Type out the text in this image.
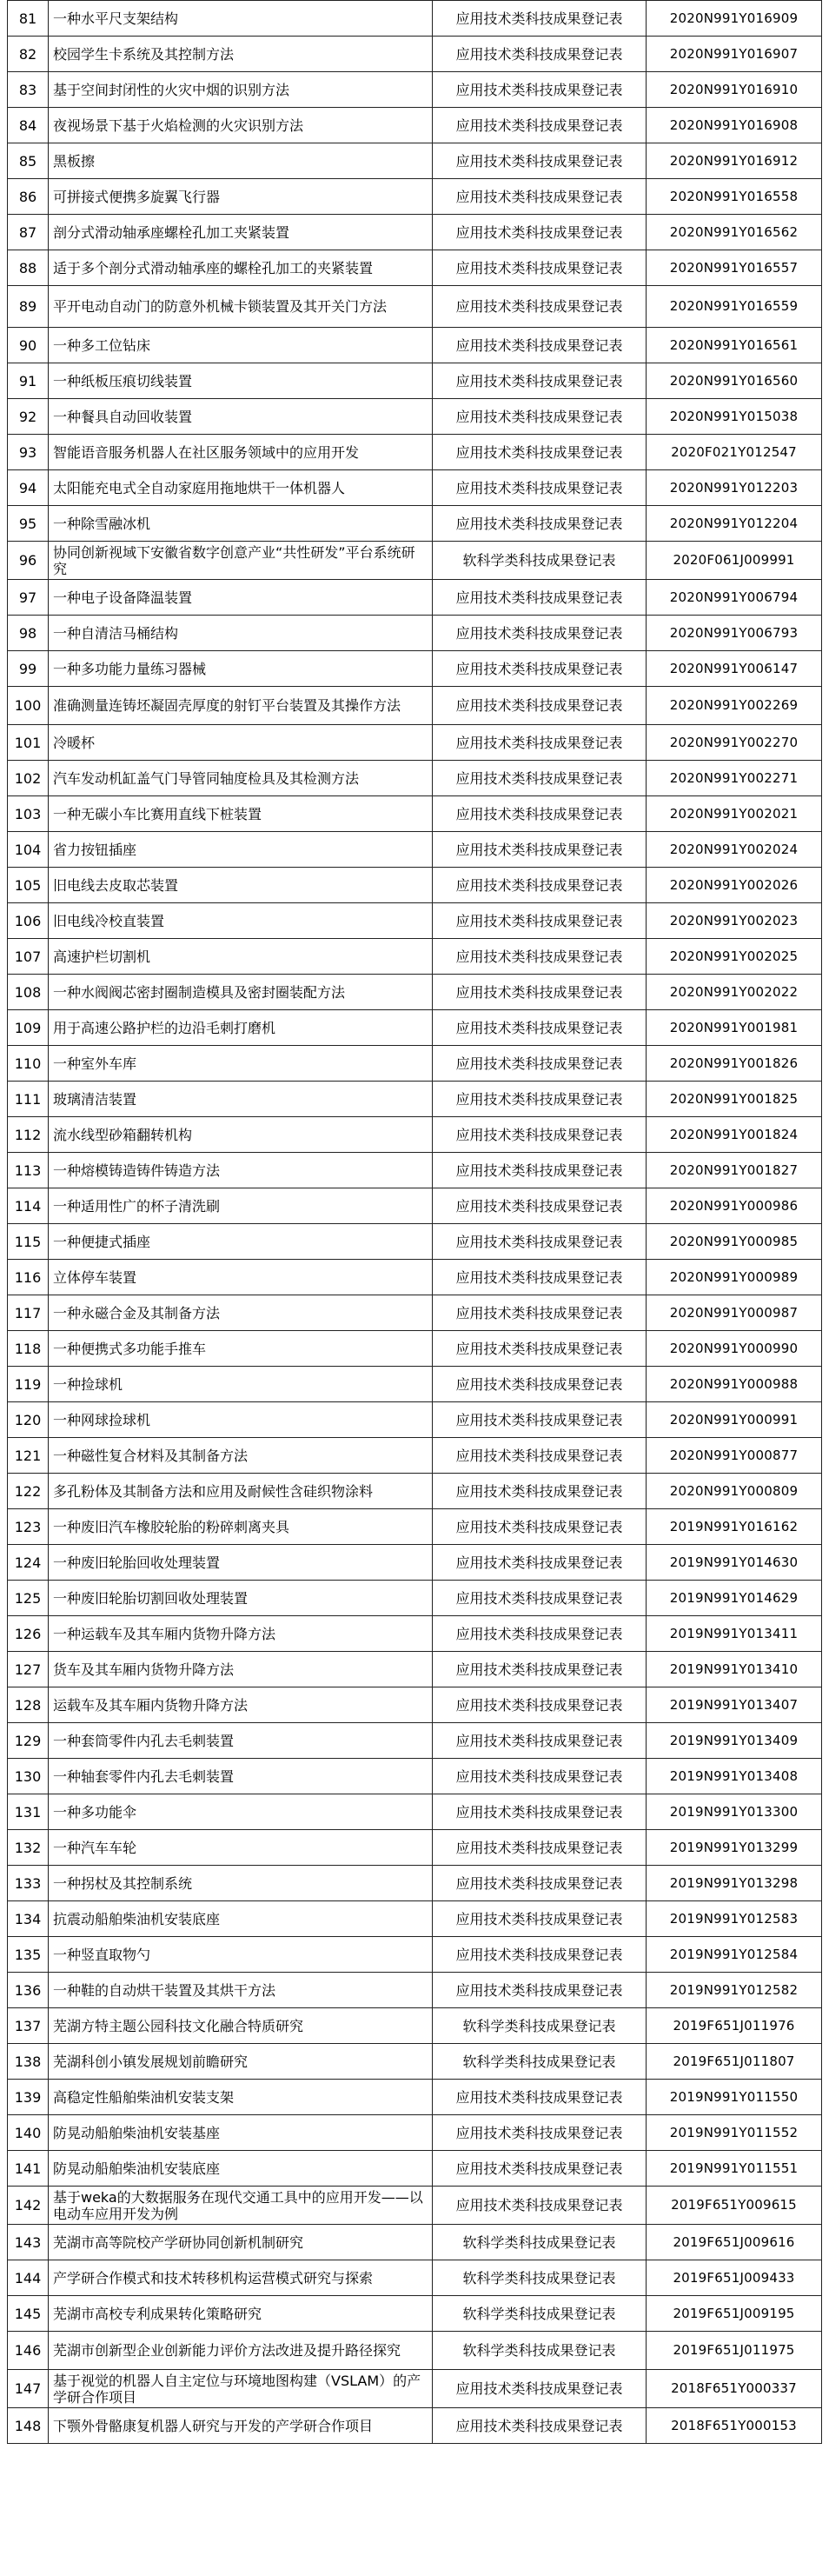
81	一种水平尺支架结构	应用技术类科技成果登记表	2020N991Y016909
82	校园学生卡系统及其控制方法	应用技术类科技成果登记表	2020N991Y016907
83	基于空间封闭性的火灾中烟的识别方法	应用技术类科技成果登记表	2020N991Y016910
84	夜视场景下基于火焰检测的火灾识别方法	应用技术类科技成果登记表	2020N991Y016908
85	黑板擦	应用技术类科技成果登记表	2020N991Y016912
86	可拼接式便携多旋翼飞行器	应用技术类科技成果登记表	2020N991Y016558
87	剖分式滑动轴承座螺栓孔加工夹紧装置	应用技术类科技成果登记表	2020N991Y016562
88	适于多个剖分式滑动轴承座的螺栓孔加工的夹紧装置	应用技术类科技成果登记表	2020N991Y016557
89	平开电动自动门的防意外机械卡锁装置及其开关门方法	应用技术类科技成果登记表	2020N991Y016559
90	一种多工位钻床	应用技术类科技成果登记表	2020N991Y016561
91	一种纸板压痕切线装置	应用技术类科技成果登记表	2020N991Y016560
92	一种餐具自动回收装置	应用技术类科技成果登记表	2020N991Y015038
93	智能语音服务机器人在社区服务领域中的应用开发	应用技术类科技成果登记表	2020F021Y012547
94	太阳能充电式全自动家庭用拖地烘干一体机器人	应用技术类科技成果登记表	2020N991Y012203
95	一种除雪融冰机	应用技术类科技成果登记表	2020N991Y012204
96	协同创新视域下安徽省数字创意产业“共性研发”平台系统研究	软科学类科技成果登记表	2020F061J009991
97	一种电子设备降温装置	应用技术类科技成果登记表	2020N991Y006794
98	一种自清洁马桶结构	应用技术类科技成果登记表	2020N991Y006793
99	一种多功能力量练习器械	应用技术类科技成果登记表	2020N991Y006147
100	准确测量连铸坯凝固壳厚度的射钉平台装置及其操作方法	应用技术类科技成果登记表	2020N991Y002269
101	冷暖杯	应用技术类科技成果登记表	2020N991Y002270
102	汽车发动机缸盖气门导管同轴度检具及其检测方法	应用技术类科技成果登记表	2020N991Y002271
103	一种无碳小车比赛用直线下桩装置	应用技术类科技成果登记表	2020N991Y002021
104	省力按钮插座	应用技术类科技成果登记表	2020N991Y002024
105	旧电线去皮取芯装置	应用技术类科技成果登记表	2020N991Y002026
106	旧电线冷校直装置	应用技术类科技成果登记表	2020N991Y002023
107	高速护栏切割机	应用技术类科技成果登记表	2020N991Y002025
108	一种水阀阀芯密封圈制造模具及密封圈装配方法	应用技术类科技成果登记表	2020N991Y002022
109	用于高速公路护栏的边沿毛刺打磨机	应用技术类科技成果登记表	2020N991Y001981
110	一种室外车库	应用技术类科技成果登记表	2020N991Y001826
111	玻璃清洁装置	应用技术类科技成果登记表	2020N991Y001825
112	流水线型砂箱翻转机构	应用技术类科技成果登记表	2020N991Y001824
113	一种熔模铸造铸件铸造方法	应用技术类科技成果登记表	2020N991Y001827
114	一种适用性广的杯子清洗刷	应用技术类科技成果登记表	2020N991Y000986
115	一种便捷式插座	应用技术类科技成果登记表	2020N991Y000985
116	立体停车装置	应用技术类科技成果登记表	2020N991Y000989
117	一种永磁合金及其制备方法	应用技术类科技成果登记表	2020N991Y000987
118	一种便携式多功能手推车	应用技术类科技成果登记表	2020N991Y000990
119	一种捡球机	应用技术类科技成果登记表	2020N991Y000988
120	一种网球捡球机	应用技术类科技成果登记表	2020N991Y000991
121	一种磁性复合材料及其制备方法	应用技术类科技成果登记表	2020N991Y000877
122	多孔粉体及其制备方法和应用及耐候性含硅织物涂料	应用技术类科技成果登记表	2020N991Y000809
123	一种废旧汽车橡胶轮胎的粉碎刺离夹具	应用技术类科技成果登记表	2019N991Y016162
124	一种废旧轮胎回收处理装置	应用技术类科技成果登记表	2019N991Y014630
125	一种废旧轮胎切割回收处理装置	应用技术类科技成果登记表	2019N991Y014629
126	一种运载车及其车厢内货物升降方法	应用技术类科技成果登记表	2019N991Y013411
127	货车及其车厢内货物升降方法	应用技术类科技成果登记表	2019N991Y013410
128	运载车及其车厢内货物升降方法	应用技术类科技成果登记表	2019N991Y013407
129	一种套筒零件内孔去毛刺装置	应用技术类科技成果登记表	2019N991Y013409
130	一种轴套零件内孔去毛刺装置	应用技术类科技成果登记表	2019N991Y013408
131	一种多功能伞	应用技术类科技成果登记表	2019N991Y013300
132	一种汽车车轮	应用技术类科技成果登记表	2019N991Y013299
133	一种拐杖及其控制系统	应用技术类科技成果登记表	2019N991Y013298
134	抗震动船舶柴油机安装底座	应用技术类科技成果登记表	2019N991Y012583
135	一种竖直取物勺	应用技术类科技成果登记表	2019N991Y012584
136	一种鞋的自动烘干装置及其烘干方法	应用技术类科技成果登记表	2019N991Y012582
137	芜湖方特主题公园科技文化融合特质研究	软科学类科技成果登记表	2019F651J011976
138	芜湖科创小镇发展规划前瞻研究	软科学类科技成果登记表	2019F651J011807
139	高稳定性船舶柴油机安装支架	应用技术类科技成果登记表	2019N991Y011550
140	防晃动船舶柴油机安装基座	应用技术类科技成果登记表	2019N991Y011552
141	防晃动船舶柴油机安装底座	应用技术类科技成果登记表	2019N991Y011551
142	基于weka的大数据服务在现代交通工具中的应用开发——以电动车应用开发为例	应用技术类科技成果登记表	2019F651Y009615
143	芜湖市高等院校产学研协同创新机制研究	软科学类科技成果登记表	2019F651J009616
144	产学研合作模式和技术转移机构运营模式研究与探索	软科学类科技成果登记表	2019F651J009433
145	芜湖市高校专利成果转化策略研究	软科学类科技成果登记表	2019F651J009195
146	芜湖市创新型企业创新能力评价方法改进及提升路径探究	软科学类科技成果登记表	2019F651J011975
147	基于视觉的机器人自主定位与环境地图构建（VSLAM）的产学研合作项目	应用技术类科技成果登记表	2018F651Y000337
148	下颚外骨骼康复机器人研究与开发的产学研合作项目	应用技术类科技成果登记表	2018F651Y000153
